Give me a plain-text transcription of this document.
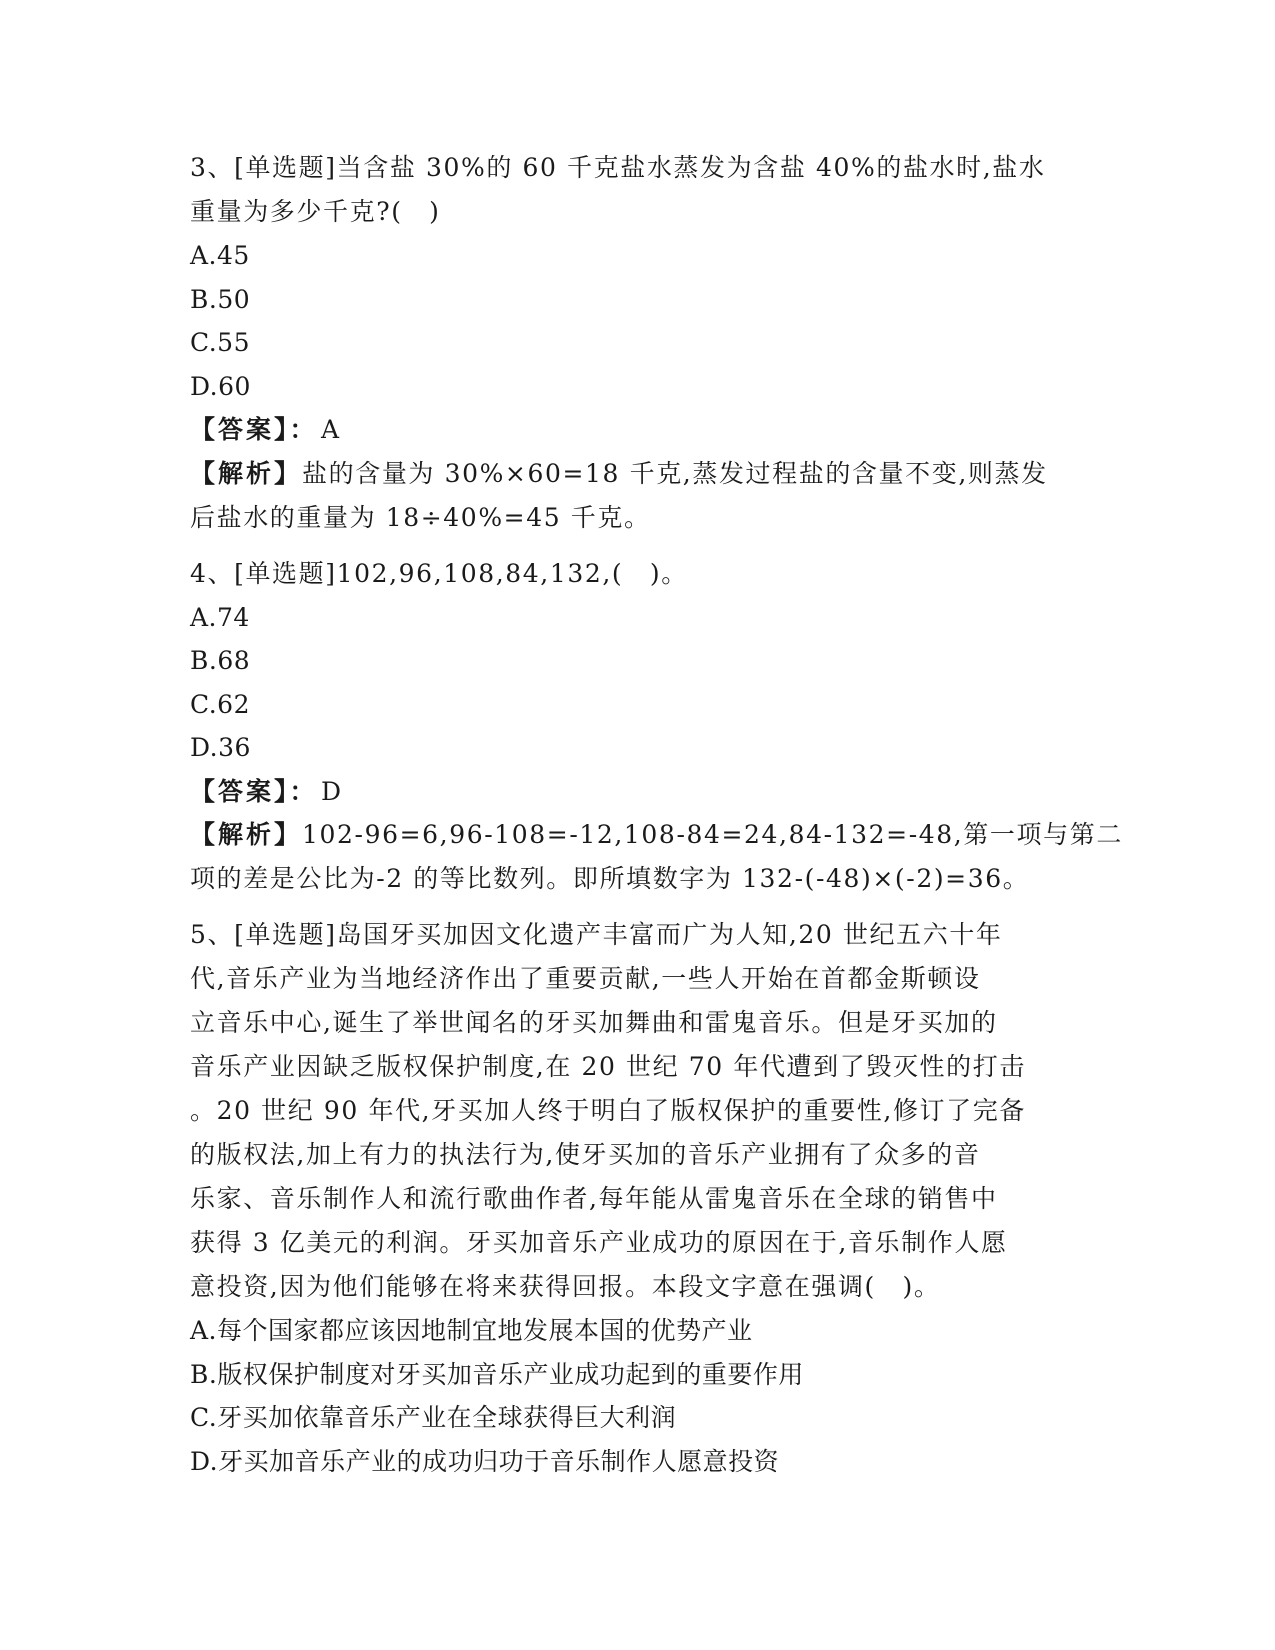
3、[单选题]当含盐 30%的 60 千克盐水蒸发为含盐 40%的盐水时,盐水
重量为多少千克?(　)
A.45
B.50
C.55
D.60
【答案】： A
【解析】盐的含量为 30%×60=18 千克,蒸发过程盐的含量不变,则蒸发
后盐水的重量为 18÷40%=45 千克。
4、[单选题]102,96,108,84,132,(　)。
A.74
B.68
C.62
D.36
【答案】： D
【解析】102-96=6,96-108=-12,108-84=24,84-132=-48,第一项与第二
项的差是公比为-2 的等比数列。即所填数字为 132-(-48)×(-2)=36。
5、[单选题]岛国牙买加因文化遗产丰富而广为人知,20 世纪五六十年
代,音乐产业为当地经济作出了重要贡献,一些人开始在首都金斯顿设
立音乐中心,诞生了举世闻名的牙买加舞曲和雷鬼音乐。但是牙买加的
音乐产业因缺乏版权保护制度,在 20 世纪 70 年代遭到了毁灭性的打击
。20 世纪 90 年代,牙买加人终于明白了版权保护的重要性,修订了完备
的版权法,加上有力的执法行为,使牙买加的音乐产业拥有了众多的音
乐家、音乐制作人和流行歌曲作者,每年能从雷鬼音乐在全球的销售中
获得 3 亿美元的利润。牙买加音乐产业成功的原因在于,音乐制作人愿
意投资,因为他们能够在将来获得回报。本段文字意在强调(　)。
A.每个国家都应该因地制宜地发展本国的优势产业
B.版权保护制度对牙买加音乐产业成功起到的重要作用
C.牙买加依靠音乐产业在全球获得巨大利润
D.牙买加音乐产业的成功归功于音乐制作人愿意投资
